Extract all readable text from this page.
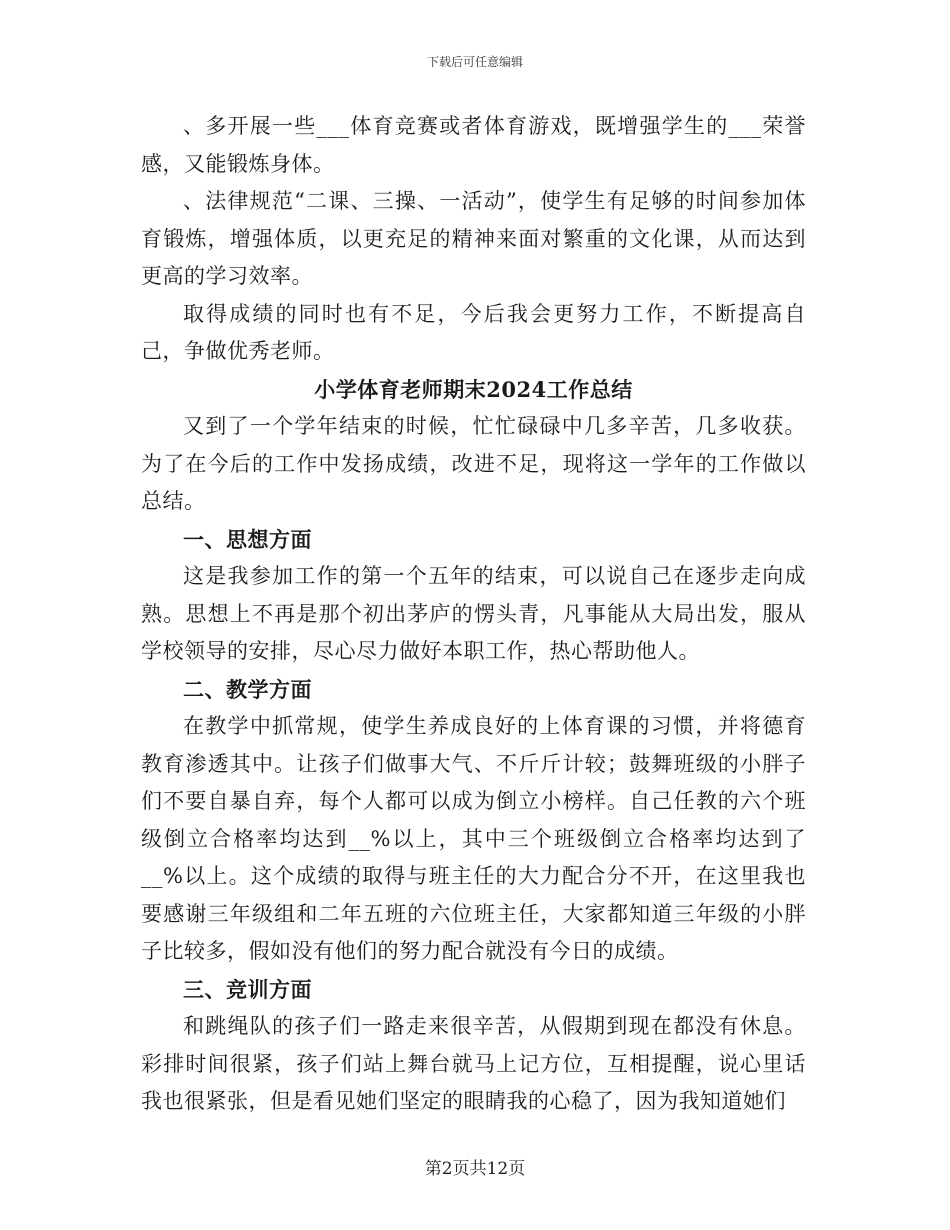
下载后可任意编辑

、多开展一些___体育竞赛或者体育游戏，既增强学生的___荣誉感，又能锻炼身体。

、法律规范“二课、三操、一活动”，使学生有足够的时间参加体育锻炼，增强体质，以更充足的精神来面对繁重的文化课，从而达到更高的学习效率。

取得成绩的同时也有不足，今后我会更努力工作，不断提高自己，争做优秀老师。

小学体育老师期末2024工作总结

又到了一个学年结束的时候，忙忙碌碌中几多辛苦，几多收获。为了在今后的工作中发扬成绩，改进不足，现将这一学年的工作做以总结。

一、思想方面

这是我参加工作的第一个五年的结束，可以说自己在逐步走向成熟。思想上不再是那个初出茅庐的愣头青，凡事能从大局出发，服从学校领导的安排，尽心尽力做好本职工作，热心帮助他人。

二、教学方面

在教学中抓常规，使学生养成良好的上体育课的习惯，并将德育教育渗透其中。让孩子们做事大气、不斤斤计较；鼓舞班级的小胖子们不要自暴自弃，每个人都可以成为倒立小榜样。自己任教的六个班级倒立合格率均达到__%以上，其中三个班级倒立合格率均达到了__%以上。这个成绩的取得与班主任的大力配合分不开，在这里我也要感谢三年级组和二年五班的六位班主任，大家都知道三年级的小胖子比较多，假如没有他们的努力配合就没有今日的成绩。

三、竞训方面

和跳绳队的孩子们一路走来很辛苦，从假期到现在都没有休息。彩排时间很紧，孩子们站上舞台就马上记方位，互相提醒，说心里话我也很紧张，但是看见她们坚定的眼睛我的心稳了，因为我知道她们

第2页共12页
